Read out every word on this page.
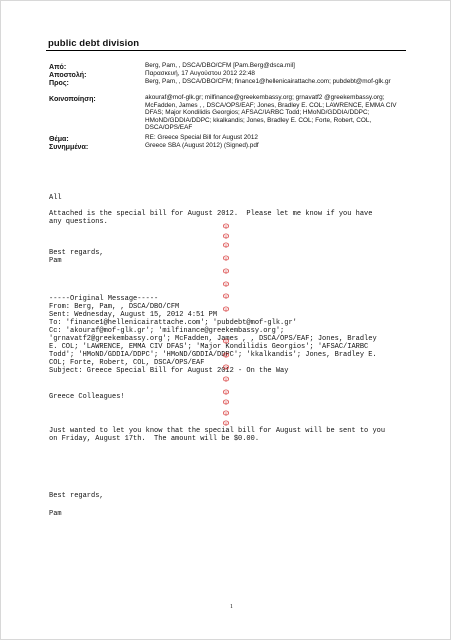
public debt division
Από:	Berg, Pam, , DSCA/DBO/CFM [Pam.Berg@dsca.mil]
Αποστολή:	Παρασκευή, 17 Αυγούστου 2012 22:48
Προς:	Berg, Pam, , DSCA/DBO/CFM; finance1@hellenicairattache.com; pubdebt@mof-glk.gr
Κοινοποίηση:	akouraf@mof-glk.gr; milfinance@greekembassy.org; grnavatf2 @greekembassy.org; McFadden, James , , DSCA/OPS/EAF; Jones, Bradley E. COL; LAWRENCE, EMMA CIV DFAS; Major Kondilidis Georgios; AFSAC/IARBC Todd; HMoND/GDDIA/DDPC; HMoND/GDDIA/DDPC; kkalkandis; Jones, Bradley E. COL; Forte, Robert, COL, DSCA/OPS/EAF
Θέμα:	RE: Greece Special Bill for August 2012
Συνημμένα:	Greece SBA (August 2012) (Signed).pdf
All
Attached is the special bill for August 2012.  Please let me know if you have
any questions.
Best regards,
Pam
-----Original Message-----
From: Berg, Pam, , DSCA/DBO/CFM
Sent: Wednesday, August 15, 2012 4:51 PM
To: 'finance1@hellenicairattache.com'; 'pubdebt@mof-glk.gr'
Cc: 'akouraf@mof-glk.gr'; 'milfinance@greekembassy.org';
'grnavatf2@greekembassy.org'; McFadden, James , , DSCA/OPS/EAF; Jones, Bradley
E. COL; 'LAWRENCE, EMMA CIV DFAS'; 'Major Kondilidis Georgios'; 'AFSAC/IARBC
Todd'; 'HMoND/GDDIA/DDPC'; 'HMoND/GDDIA/DDPC'; 'kkalkandis'; Jones, Bradley E.
COL; Forte, Robert, COL, DSCA/OPS/EAF
Subject: Greece Special Bill for August 2012 - On the Way
Greece Colleagues!
Just wanted to let you know that the special bill for August will be sent to you
on Friday, August 17th.  The amount will be $0.00.
Best regards,
Pam
1
